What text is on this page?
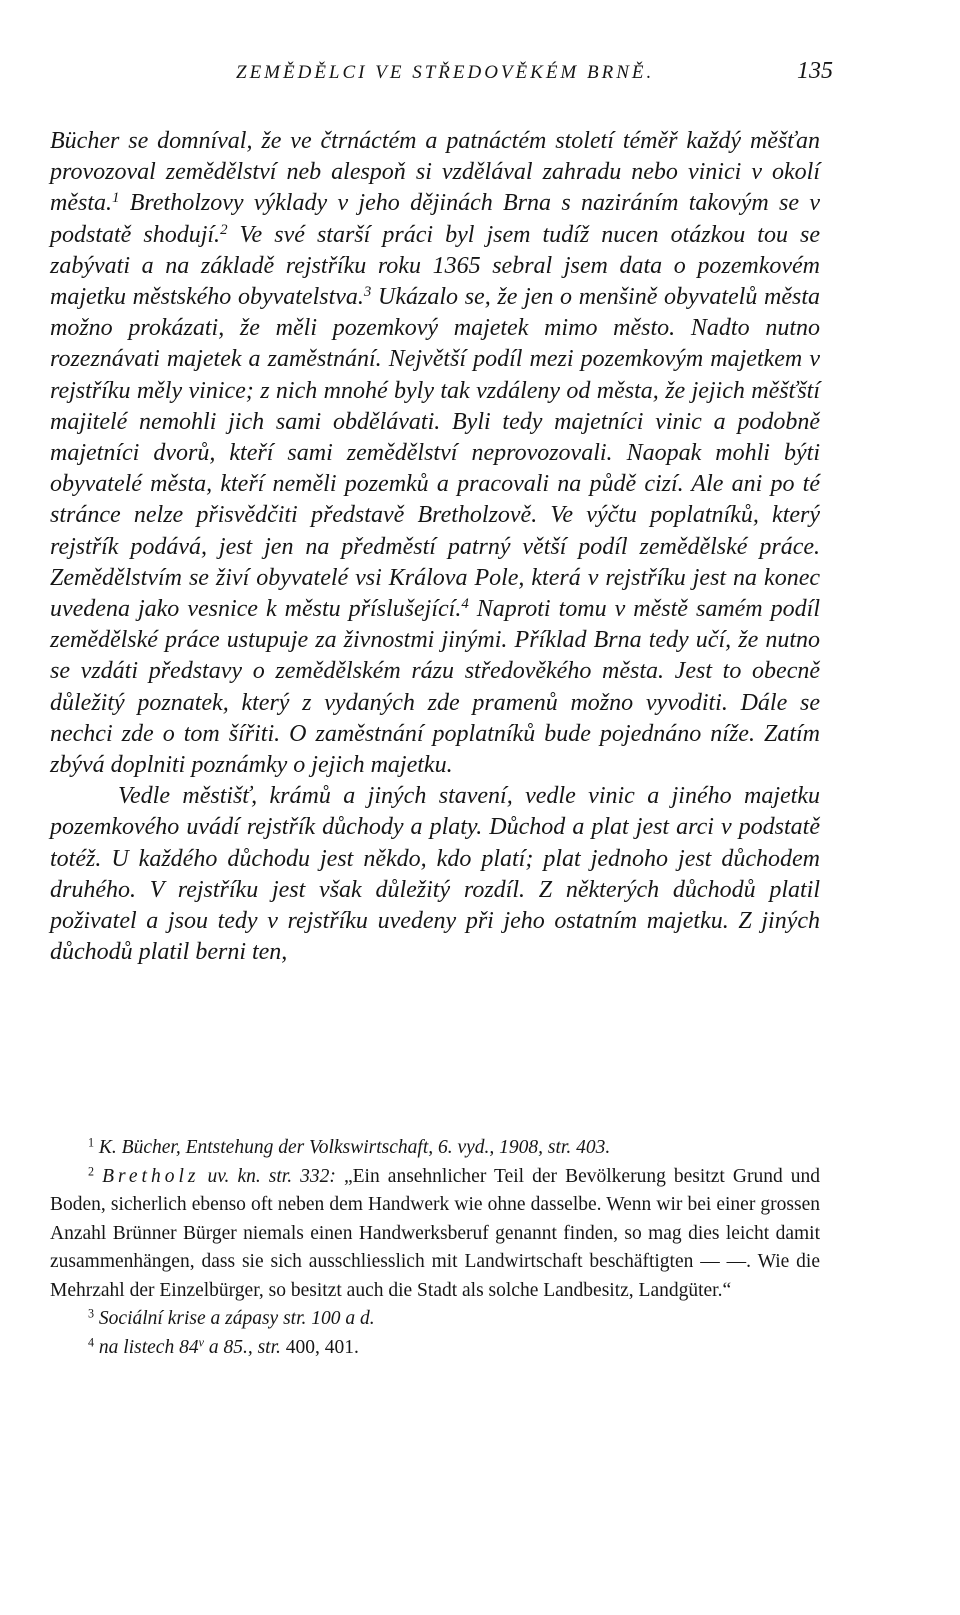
ZEMĚDĚLCI VE STŘEDOVĚKÉM BRNĚ.	135

Bücher se domníval, že ve čtrnáctém a patnáctém století téměř každý měšťan provozoval zemědělství neb alespoň si vzdělával zahradu nebo vinici v okolí města.$^1$ Bretholzovy výklady v jeho dějinách Brna s naziráním takovým se v podstatě shodují.$^2$ Ve své starší práci byl jsem tudíž nucen otázkou tou se zabývati a na základě rejstříku roku 1365 sebral jsem data o pozemkovém majetku městského obyvatelstva.$^3$ Ukázalo se, že jen o menšině obyvatelů města možno prokázati, že měli pozemkový majetek mimo město. Nadto nutno rozeznávati majetek a zaměstnání. Největší podíl mezi pozemkovým majetkem v rejstříku měly vinice; z nich mnohé byly tak vzdáleny od města, že jejich měšťští majitelé nemohli jich sami obdělávati. Byli tedy majetníci vinic a podobně majetníci dvorů, kteří sami zemědělství neprovozovali. Naopak mohli býti obyvatelé města, kteří neměli pozemků a pracovali na půdě cizí. Ale ani po té stránce nelze přisvědčiti představě Bretholzově. Ve výčtu poplatníků, který rejstřík podává, jest jen na předměstí patrný větší podíl zemědělské práce. Zemědělstvím se živí obyvatelé vsi Králova Pole, která v rejstříku jest na konec uvedena jako vesnice k městu příslušející.$^4$ Naproti tomu v městě samém podíl zemědělské práce ustupuje za živnostmi jinými. Příklad Brna tedy učí, že nutno se vzdáti představy o zemědělském rázu středověkého města. Jest to obecně důležitý poznatek, který z vydaných zde pramenů možno vyvoditi. Dále se nechci zde o tom šířiti. O zaměstnání poplatníků bude pojednáno níže. Zatím zbývá doplniti poznámky o jejich majetku.

Vedle městišť, krámů a jiných stavení, vedle vinic a jiného majetku pozemkového uvádí rejstřík důchody a platy. Důchod a plat jest arci v podstatě totéž. U každého důchodu jest někdo, kdo platí; plat jednoho jest důchodem druhého. V rejstříku jest však důležitý rozdíl. Z některých důchodů platil poživatel a jsou tedy v rejstříku uvedeny při jeho ostatním majetku. Z jiných důchodů platil berni ten,

$^1$ K. Bücher, Entstehung der Volkswirtschaft, 6. vyd., 1908, str. 403.

$^2$ Bretholz uv. kn. str. 332: „Ein ansehnlicher Teil der Bevölkerung besitzt Grund und Boden, sicherlich ebenso oft neben dem Handwerk wie ohne dasselbe. Wenn wir bei einer grossen Anzahl Brünner Bürger niemals einen Handwerksberuf genannt finden, so mag dies leicht damit zusammenhängen, dass sie sich ausschliesslich mit Landwirtschaft beschäftigten — —. Wie die Mehrzahl der Einzelbürger, so besitzt auch die Stadt als solche Landbesitz, Landgüter.“

$^3$ Sociální krise a zápasy str. 100 a d.

$^4$ na listech 84$^v$ a 85., str. 400, 401.
